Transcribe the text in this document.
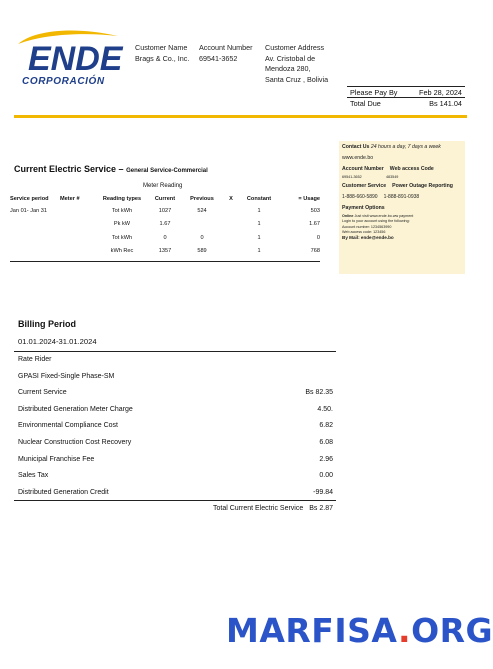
ENDE
CORPORACIÓN
Customer Name
Brags & Co., Inc.
Account Number
69541-3652
Customer Address
Av. Cristobal de
Mendoza 280,
Santa Cruz , Bolivia
Please Pay By	Feb 28, 2024
Total Due	Bs 141.04
Current Electric Service – General Service-Commercial
Meter Reading
Service period	Meter #	Reading types	Current	Previous	X	Constant	= Usage
Jan 01- Jan 31		Tot kWh	1027	524		1	503
		Pk kW	1.67			1	1.67
		Tot kWh	0	0		1	0
		kWh Rec	1357	589		1	768
Contact Us 24 hours a day, 7 days a week
www.ende.bo
Account Number Web access Code
69541-3652	483549
Customer Service Power Outage Reporting
1-888-660-5890 1-888-891-0938
Payment Options
Online Just visit www.ende.bo.ww payment
Login to your account using the following:
Account number: 1234563990
Web access code: 123456
By Mail: ende@ende.bo
Billing Period
01.01.2024-31.01.2024
Rate Rider
GPASI Fixed-Single Phase-SM
Current Service	Bs 82.35
Distributed Generation Meter Charge	4.50.
Environmental Compliance Cost	6.82
Nuclear Construction Cost Recovery	6.08
Municipal Franchise Fee	2.96
Sales Tax	0.00
Distributed Generation Credit	-99.84
Total Current Electric Service Bs 2.87
MARFISA.ORG
